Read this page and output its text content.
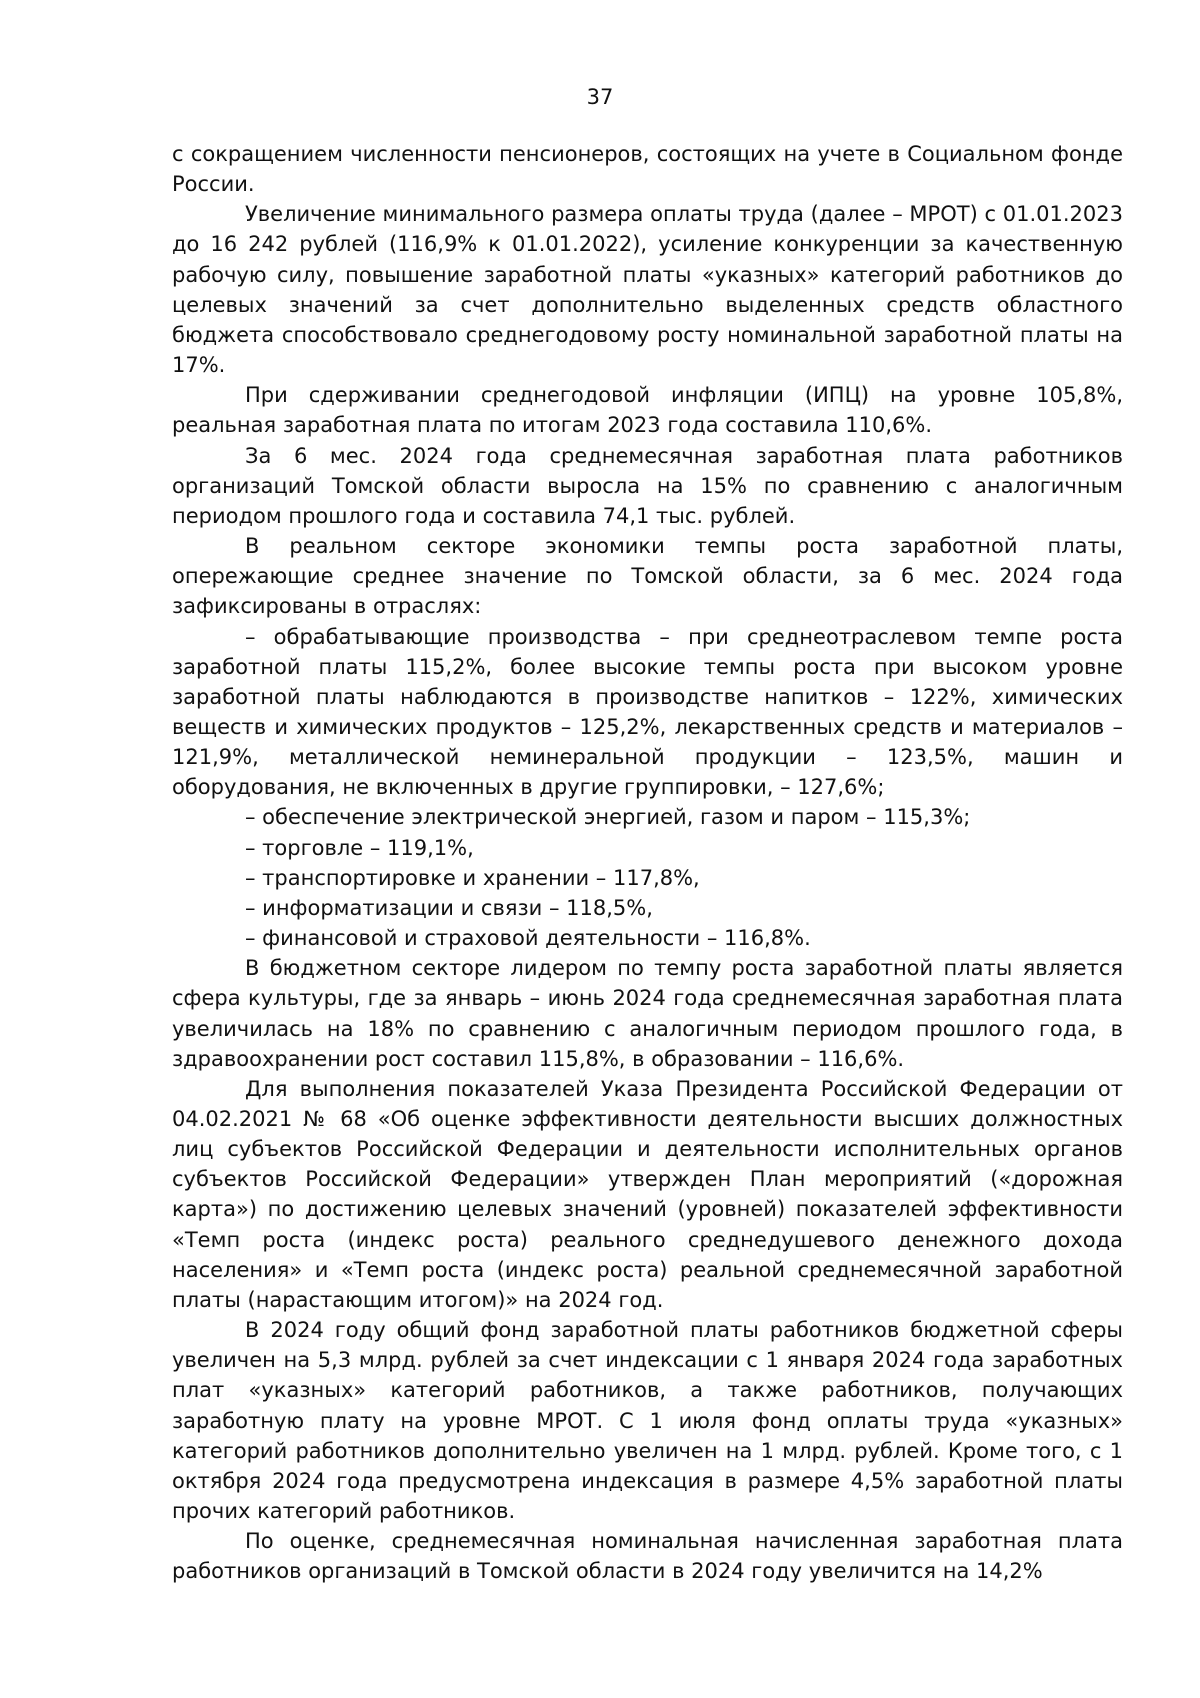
37

с сокращением численности пенсионеров, состоящих на учете в Социальном фонде России.

Увеличение минимального размера оплаты труда (далее – МРОТ) с 01.01.2023 до 16 242 рублей (116,9% к 01.01.2022), усиление конкуренции за качественную рабочую силу, повышение заработной платы «указных» категорий работников до целевых значений за счет дополнительно выделенных средств областного бюджета способствовало среднегодовому росту номинальной заработной платы на 17%.

При сдерживании среднегодовой инфляции (ИПЦ) на уровне 105,8%, реальная заработная плата по итогам 2023 года составила 110,6%.

За 6 мес. 2024 года среднемесячная заработная плата работников организаций Томской области выросла на 15% по сравнению с аналогичным периодом прошлого года и составила 74,1 тыс. рублей.

В реальном секторе экономики темпы роста заработной платы, опережающие среднее значение по Томской области, за 6 мес. 2024 года зафиксированы в отраслях:

– обрабатывающие производства – при среднеотраслевом темпе роста заработной платы 115,2%, более высокие темпы роста при высоком уровне заработной платы наблюдаются в производстве напитков – 122%, химических веществ и химических продуктов – 125,2%, лекарственных средств и материалов – 121,9%, металлической неминеральной продукции – 123,5%, машин и оборудования, не включенных в другие группировки, – 127,6%;

– обеспечение электрической энергией, газом и паром – 115,3%;

– торговле – 119,1%,

– транспортировке и хранении – 117,8%,

– информатизации и связи – 118,5%,

– финансовой и страховой деятельности – 116,8%.

В бюджетном секторе лидером по темпу роста заработной платы является сфера культуры, где за январь – июнь 2024 года среднемесячная заработная плата увеличилась на 18% по сравнению с аналогичным периодом прошлого года, в здравоохранении рост составил 115,8%, в образовании – 116,6%.

Для выполнения показателей Указа Президента Российской Федерации от 04.02.2021 № 68 «Об оценке эффективности деятельности высших должностных лиц субъектов Российской Федерации и деятельности исполнительных органов субъектов Российской Федерации» утвержден План мероприятий («дорожная карта») по достижению целевых значений (уровней) показателей эффективности «Темп роста (индекс роста) реального среднедушевого денежного дохода населения» и «Темп роста (индекс роста) реальной среднемесячной заработной платы (нарастающим итогом)» на 2024 год.

В 2024 году общий фонд заработной платы работников бюджетной сферы увеличен на 5,3 млрд. рублей за счет индексации с 1 января 2024 года заработных плат «указных» категорий работников, а также работников, получающих заработную плату на уровне МРОТ. С 1 июля фонд оплаты труда «указных» категорий работников дополнительно увеличен на 1 млрд. рублей. Кроме того, с 1 октября 2024 года предусмотрена индексация в размере 4,5% заработной платы прочих категорий работников.

По оценке, среднемесячная номинальная начисленная заработная плата работников организаций в Томской области в 2024 году увеличится на 14,2%
